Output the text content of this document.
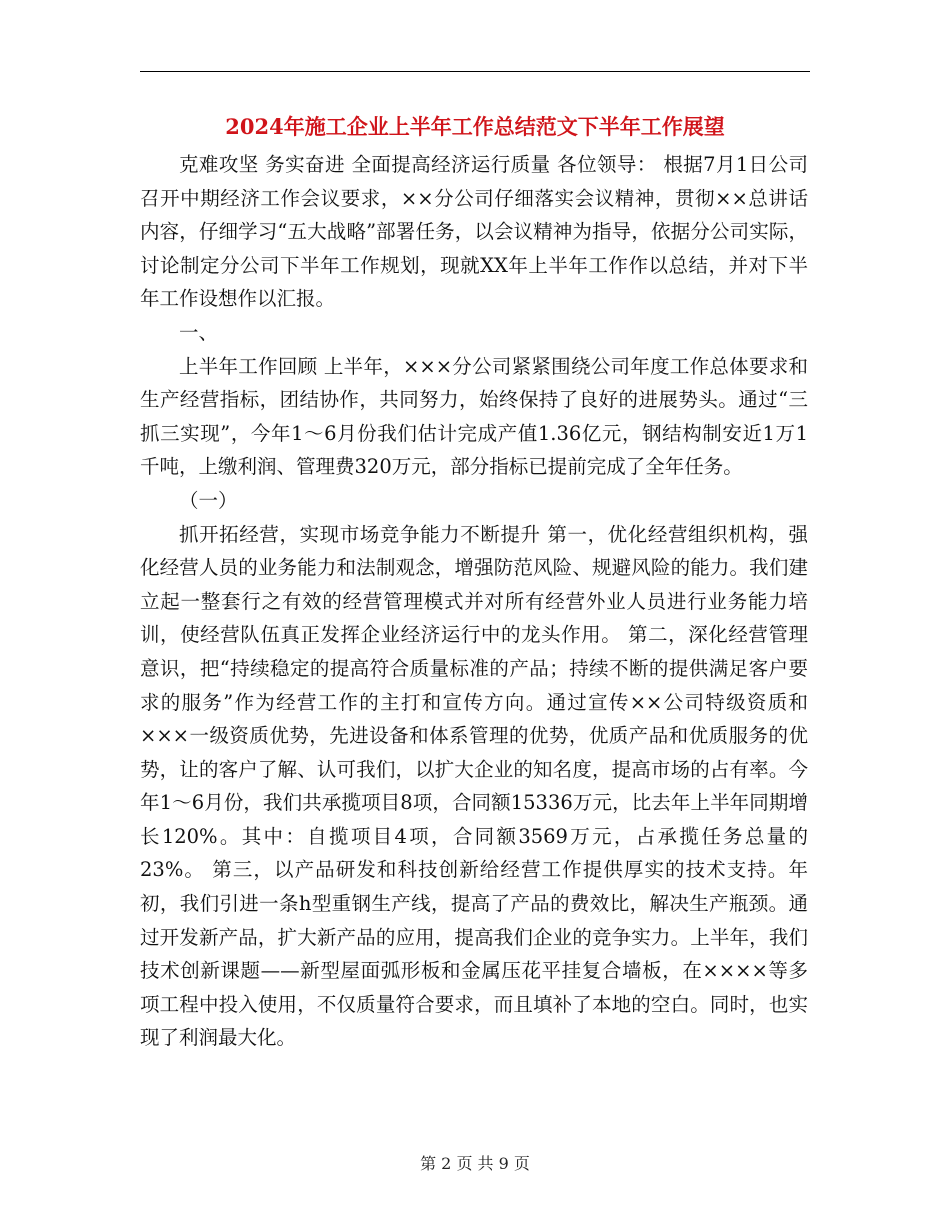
2024年施工企业上半年工作总结范文下半年工作展望

克难攻坚 务实奋进 全面提高经济运行质量 各位领导： 根据7月1日公司召开中期经济工作会议要求，××分公司仔细落实会议精神，贯彻××总讲话内容，仔细学习“五大战略”部署任务，以会议精神为指导，依据分公司实际，讨论制定分公司下半年工作规划，现就XX年上半年工作作以总结，并对下半年工作设想作以汇报。

一、

上半年工作回顾 上半年，×××分公司紧紧围绕公司年度工作总体要求和生产经营指标，团结协作，共同努力，始终保持了良好的进展势头。通过“三抓三实现”，今年1～6月份我们估计完成产值1.36亿元，钢结构制安近1万1千吨，上缴利润、管理费320万元，部分指标已提前完成了全年任务。

（一）

抓开拓经营，实现市场竞争能力不断提升 第一，优化经营组织机构，强化经营人员的业务能力和法制观念，增强防范风险、规避风险的能力。我们建立起一整套行之有效的经营管理模式并对所有经营外业人员进行业务能力培训，使经营队伍真正发挥企业经济运行中的龙头作用。 第二，深化经营管理意识，把“持续稳定的提高符合质量标准的产品；持续不断的提供满足客户要求的服务”作为经营工作的主打和宣传方向。通过宣传××公司特级资质和×××一级资质优势，先进设备和体系管理的优势，优质产品和优质服务的优势，让的客户了解、认可我们，以扩大企业的知名度，提高市场的占有率。今年1～6月份，我们共承揽项目8项，合同额15336万元，比去年上半年同期增长120%。其中：自揽项目4项，合同额3569万元，占承揽任务总量的23%。 第三，以产品研发和科技创新给经营工作提供厚实的技术支持。年初，我们引进一条h型重钢生产线，提高了产品的费效比，解决生产瓶颈。通过开发新产品，扩大新产品的应用，提高我们企业的竞争实力。上半年，我们技术创新课题——新型屋面弧形板和金属压花平挂复合墙板，在××××等多项工程中投入使用，不仅质量符合要求，而且填补了本地的空白。同时，也实现了利润最大化。

第 2 页 共 9 页
